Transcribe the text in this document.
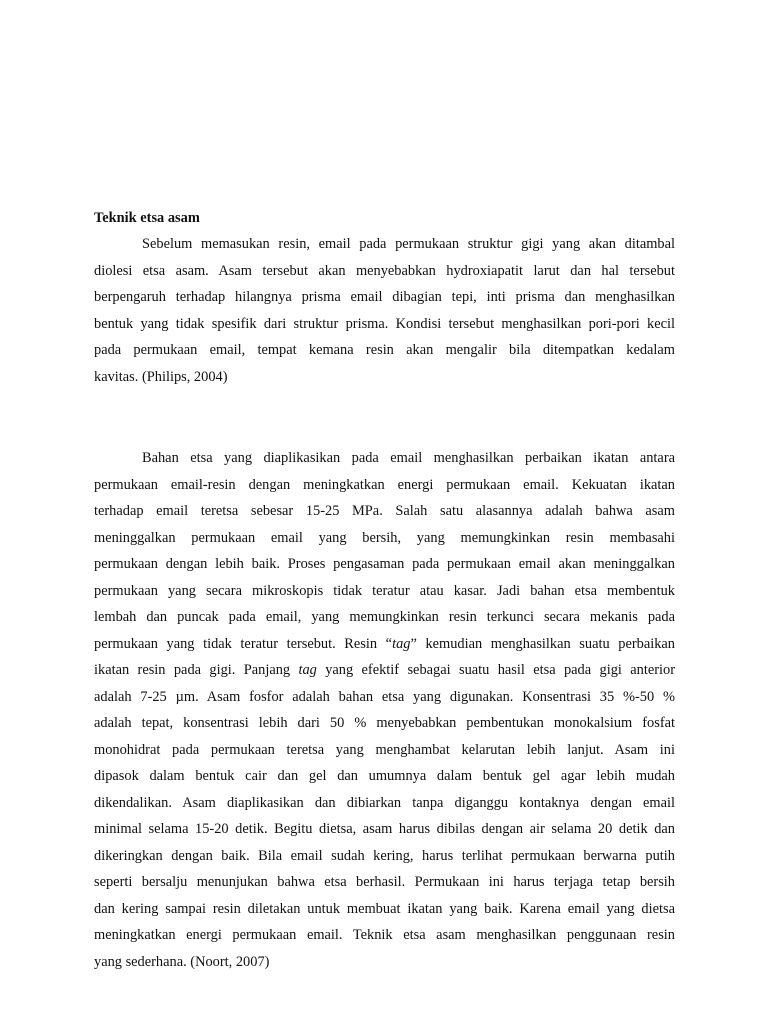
Teknik etsa asam
Sebelum memasukan resin, email pada permukaan struktur gigi yang akan ditambal
diolesi etsa asam. Asam tersebut akan menyebabkan hydroxiapatit larut dan hal tersebut
berpengaruh terhadap hilangnya prisma email dibagian tepi, inti prisma dan menghasilkan
bentuk yang tidak spesifik dari struktur prisma. Kondisi tersebut menghasilkan pori-pori kecil
pada permukaan email, tempat kemana resin akan mengalir bila ditempatkan kedalam
kavitas. (Philips, 2004)
Bahan etsa yang diaplikasikan pada email menghasilkan perbaikan ikatan antara
permukaan email-resin dengan meningkatkan energi permukaan email. Kekuatan ikatan
terhadap email teretsa sebesar 15-25 MPa. Salah satu alasannya adalah bahwa asam
meninggalkan permukaan email yang bersih, yang memungkinkan resin membasahi
permukaan dengan lebih baik. Proses pengasaman pada permukaan email akan meninggalkan
permukaan yang secara mikroskopis tidak teratur atau kasar. Jadi bahan etsa membentuk
lembah dan puncak pada email, yang memungkinkan resin terkunci secara mekanis pada
permukaan yang tidak teratur tersebut. Resin “tag” kemudian menghasilkan suatu perbaikan
ikatan resin pada gigi. Panjang tag yang efektif sebagai suatu hasil etsa pada gigi anterior
adalah 7-25 µm. Asam fosfor adalah bahan etsa yang digunakan. Konsentrasi 35 %-50 %
adalah tepat, konsentrasi lebih dari 50 % menyebabkan pembentukan monokalsium fosfat
monohidrat pada permukaan teretsa yang menghambat kelarutan lebih lanjut. Asam ini
dipasok dalam bentuk cair dan gel dan umumnya dalam bentuk gel agar lebih mudah
dikendalikan. Asam diaplikasikan dan dibiarkan tanpa diganggu kontaknya dengan email
minimal selama 15-20 detik. Begitu dietsa, asam harus dibilas dengan air selama 20 detik dan
dikeringkan dengan baik. Bila email sudah kering, harus terlihat permukaan berwarna putih
seperti bersalju menunjukan bahwa etsa berhasil. Permukaan ini harus terjaga tetap bersih
dan kering sampai resin diletakan untuk membuat ikatan yang baik. Karena email yang dietsa
meningkatkan energi permukaan email. Teknik etsa asam menghasilkan penggunaan resin
yang sederhana. (Noort, 2007)
